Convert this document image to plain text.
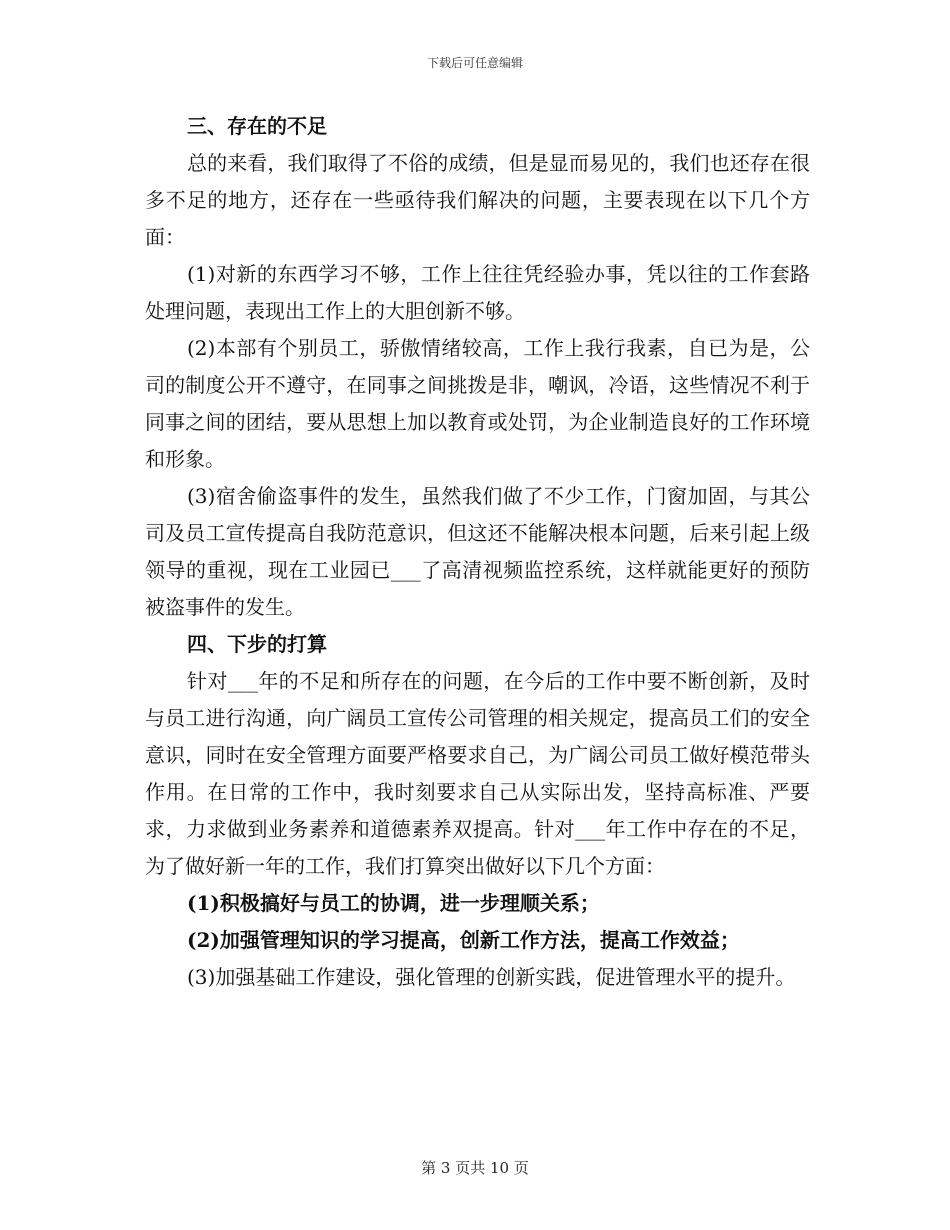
下载后可任意编辑

三、存在的不足

总的来看，我们取得了不俗的成绩，但是显而易见的，我们也还存在很多不足的地方，还存在一些亟待我们解决的问题，主要表现在以下几个方面：

(1)对新的东西学习不够，工作上往往凭经验办事，凭以往的工作套路处理问题，表现出工作上的大胆创新不够。

(2)本部有个别员工，骄傲情绪较高，工作上我行我素，自已为是，公司的制度公开不遵守，在同事之间挑拨是非，嘲讽，冷语，这些情况不利于同事之间的团结，要从思想上加以教育或处罚，为企业制造良好的工作环境和形象。

(3)宿舍偷盗事件的发生，虽然我们做了不少工作，门窗加固，与其公司及员工宣传提高自我防范意识，但这还不能解决根本问题，后来引起上级领导的重视，现在工业园已___了高清视频监控系统，这样就能更好的预防被盗事件的发生。

四、下步的打算

针对___年的不足和所存在的问题，在今后的工作中要不断创新，及时与员工进行沟通，向广阔员工宣传公司管理的相关规定，提高员工们的安全意识，同时在安全管理方面要严格要求自己，为广阔公司员工做好模范带头作用。在日常的工作中，我时刻要求自己从实际出发，坚持高标准、严要求，力求做到业务素养和道德素养双提高。针对___年工作中存在的不足，为了做好新一年的工作，我们打算突出做好以下几个方面：

(1)积极搞好与员工的协调，进一步理顺关系；

(2)加强管理知识的学习提高，创新工作方法，提高工作效益；

(3)加强基础工作建设，强化管理的创新实践，促进管理水平的提升。

第 3 页共 10 页
